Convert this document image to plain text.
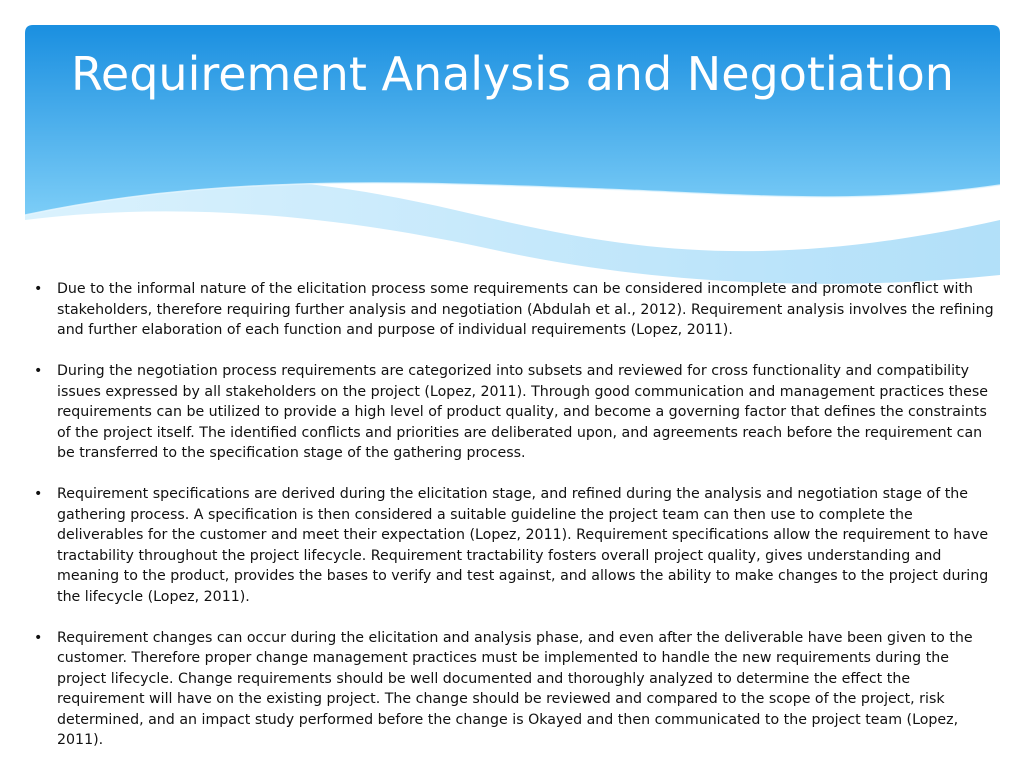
Requirement Analysis and Negotiation
• Due to the informal nature of the elicitation process some requirements can be considered incomplete and promote conflict with stakeholders, therefore requiring further analysis and negotiation (Abdulah et al., 2012). Requirement analysis involves the refining and further elaboration of each function and purpose of individual requirements (Lopez, 2011).
• During the negotiation process requirements are categorized into subsets and reviewed for cross functionality and compatibility issues expressed by all stakeholders on the project (Lopez, 2011). Through good communication and management practices these requirements can be utilized to provide a high level of product quality, and become a governing factor that defines the constraints of the project itself. The identified conflicts and priorities are deliberated upon, and agreements reach before the requirement can be transferred to the specification stage of the gathering process.
• Requirement specifications are derived during the elicitation stage, and refined during the analysis and negotiation stage of the gathering process. A specification is then considered a suitable guideline the project team can then use to complete the deliverables for the customer and meet their expectation (Lopez, 2011). Requirement specifications allow the requirement to have tractability throughout the project lifecycle. Requirement tractability fosters overall project quality, gives understanding and meaning to the product, provides the bases to verify and test against, and allows the ability to make changes to the project during the lifecycle (Lopez, 2011).
• Requirement changes can occur during the elicitation and analysis phase, and even after the deliverable have been given to the customer. Therefore proper change management practices must be implemented to handle the new requirements during the project lifecycle. Change requirements should be well documented and thoroughly analyzed to determine the effect the requirement will have on the existing project. The change should be reviewed and compared to the scope of the project, risk determined, and an impact study performed before the change is Okayed and then communicated to the project team (Lopez, 2011).
